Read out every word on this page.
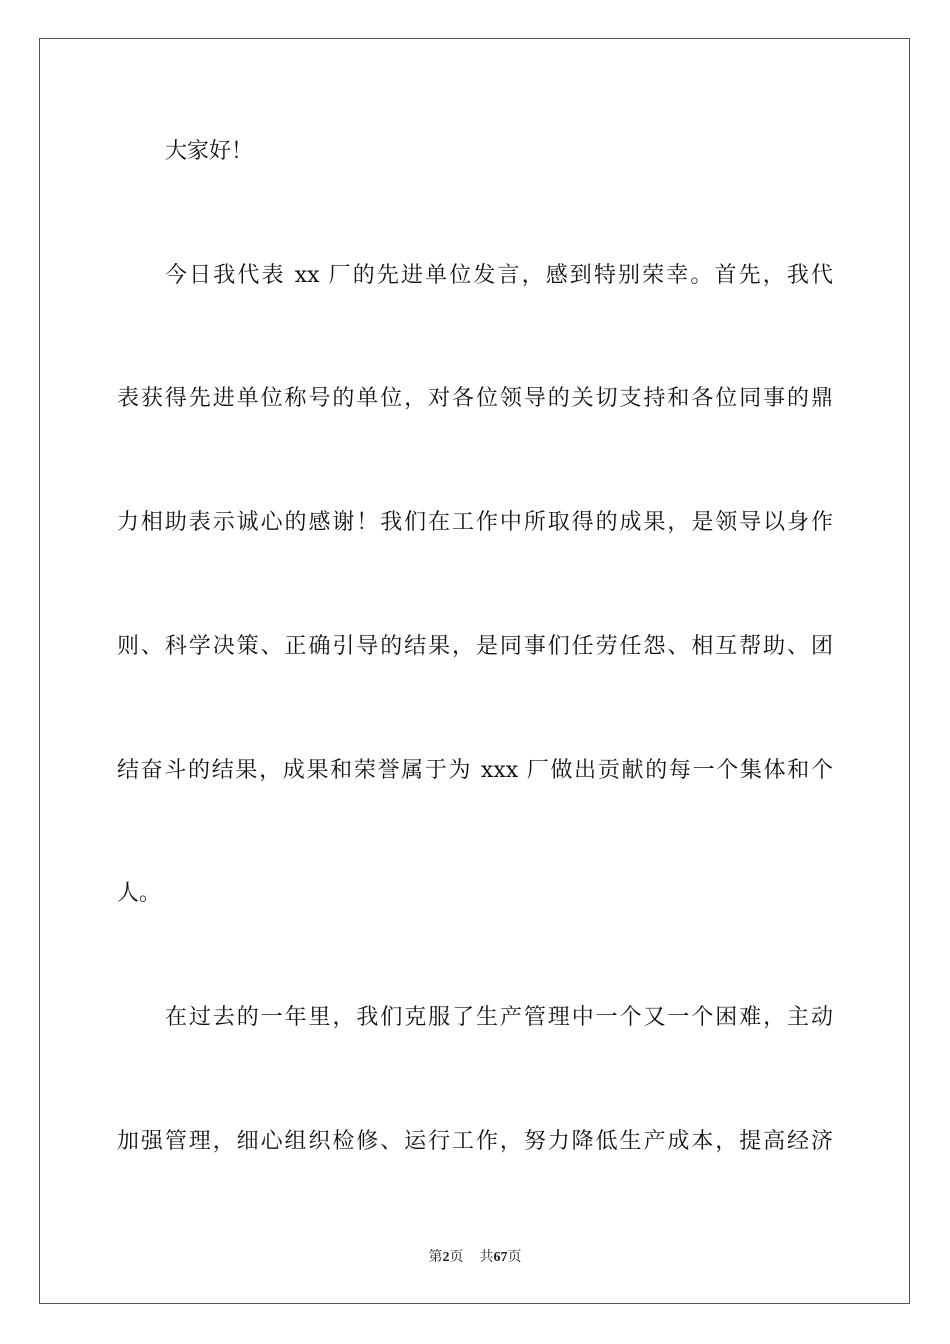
大家好！
今日我代表 xx 厂的先进单位发言，感到特别荣幸。首先，我代
表获得先进单位称号的单位，对各位领导的关切支持和各位同事的鼎
力相助表示诚心的感谢！我们在工作中所取得的成果，是领导以身作
则、科学决策、正确引导的结果，是同事们任劳任怨、相互帮助、团
结奋斗的结果，成果和荣誉属于为 xxx 厂做出贡献的每一个集体和个
人。
在过去的一年里，我们克服了生产管理中一个又一个困难，主动
加强管理，细心组织检修、运行工作，努力降低生产成本，提高经济
第2页 共67页
